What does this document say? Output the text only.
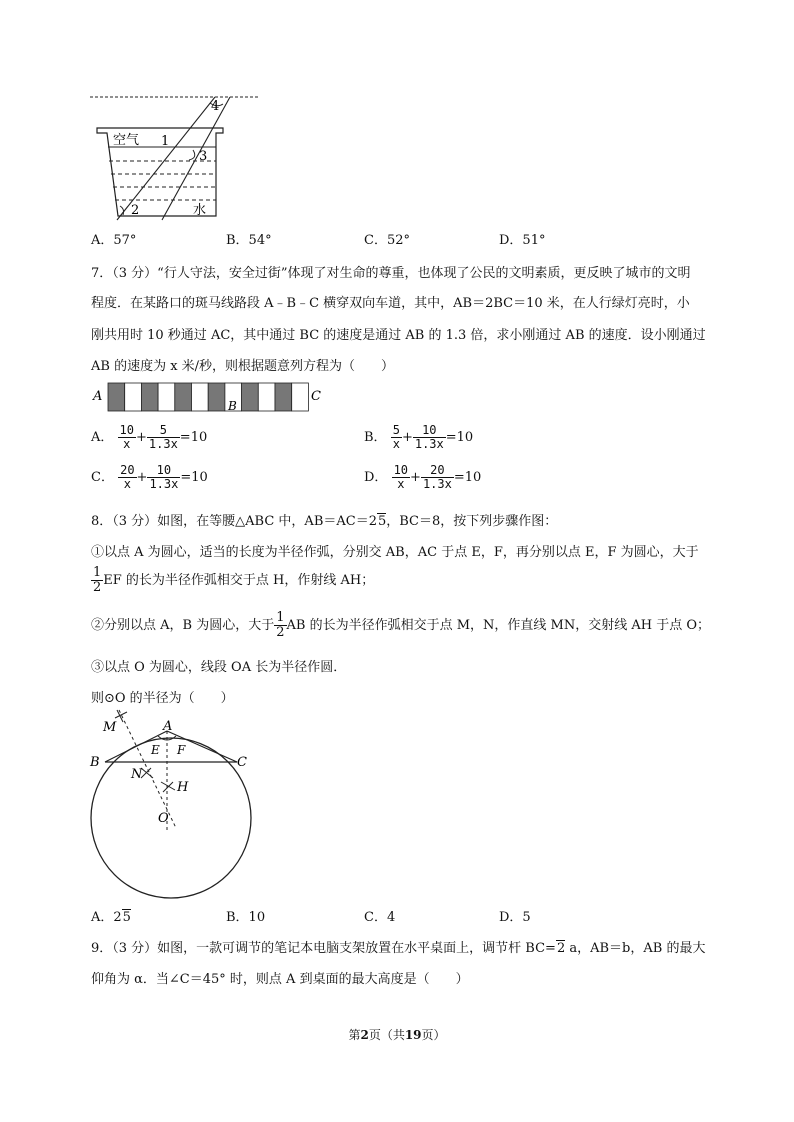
4
空气 1
3
2	水
A．57°	B．54°	C．52°	D．51°
7．（3 分）“行人守法，安全过街”体现了对生命的尊重，也体现了公民的文明素质，更反映了城市的文明
程度．在某路口的斑马线路段 A﹣B﹣C 横穿双向车道，其中，AB＝2BC＝10 米，在人行绿灯亮时，小
刚共用时 10 秒通过 AC，其中通过 BC 的速度是通过 AB 的 1.3 倍，求小刚通过 AB 的速度．设小刚通过
AB 的速度为 x 米/秒，则根据题意列方程为（　　）
A
B
C
A． $\frac{10}{x} + \frac{5}{1.3x} =10$	B． $\frac{5}{x} + \frac{10}{1.3x} =10$
C． $\frac{20}{x} + \frac{10}{1.3x} =10$	D． $\frac{10}{x} + \frac{20}{1.3x} =10$
8．（3 分）如图，在等腰△ABC 中，AB＝AC＝25，BC＝8，按下列步骤作图：
①以点 A 为圆心，适当的长度为半径作弧，分别交 AB，AC 于点 E，F，再分别以点 E，F 为圆心，大于
$\frac{1}{2}$ EF 的长为半径作弧相交于点 H，作射线 AH；
②分别以点 A，B 为圆心，大于 $\frac{1}{2}$ AB 的长为半径作弧相交于点 M，N，作直线 MN，交射线 AH 于点 O；
③以点 O 为圆心，线段 OA 长为半径作圆．
则⊙O 的半径为（　　）
M	A
E F
B	C
N
H
O
A．25	B．10	C．4	D．5
9．（3 分）如图，一款可调节的笔记本电脑支架放置在水平桌面上，调节杆 BC=2 a，AB＝b，AB 的最大
仰角为 α．当∠C＝45° 时，则点 A 到桌面的最大高度是（　　）
第2页（共19页）
